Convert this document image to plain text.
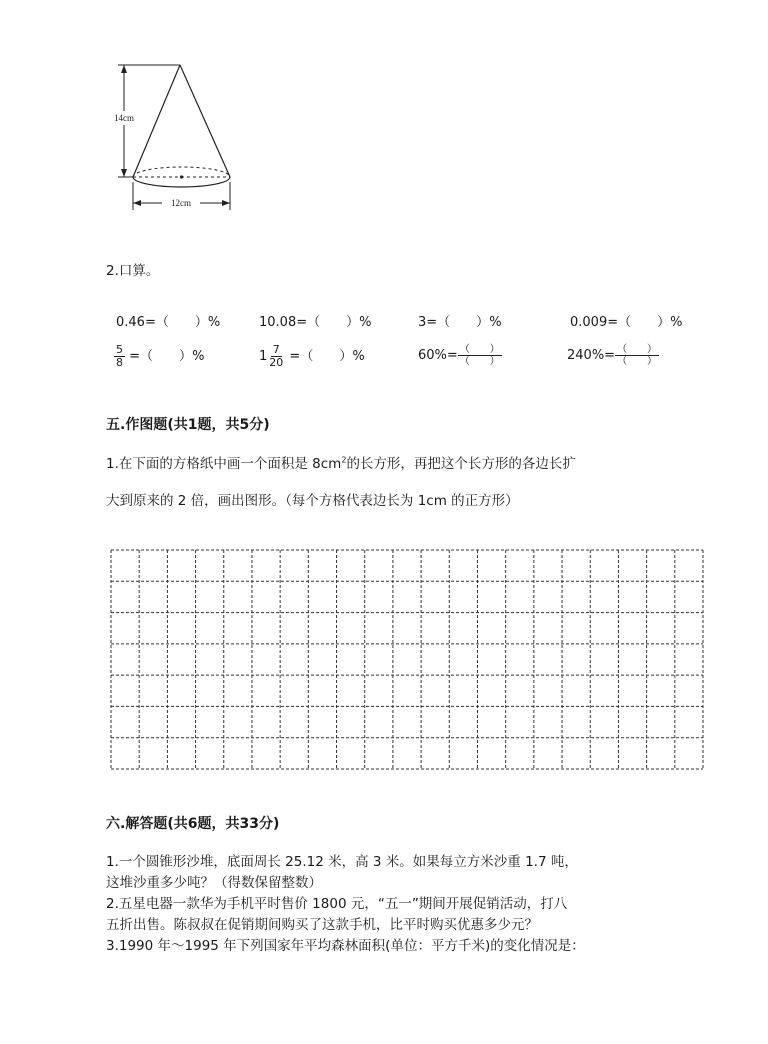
12cm
14cm
2.口算。
0.46=（　　）%	10.08=（　　）%	3=（　　）%	0.009=（　　）%
$\frac{5}{8}$ =（　　）%	$1 \frac{7}{20}$ =（　　）%	$60\%= \frac{( )}{( )}$	$240\%= \frac{( )}{( )}$
五.作图题(共1题，共5分)
1.在下面的方格纸中画一个面积是 $8cm^2$的长方形，再把这个长方形的各边长扩
大到原来的 2 倍，画出图形。（每个方格代表边长为 1cm 的正方形）
六.解答题(共6题，共33分)
1.一个圆锥形沙堆，底面周长 25.12 米，高 3 米。如果每立方米沙重 1.7 吨，
这堆沙重多少吨？（得数保留整数）
2.五星电器一款华为手机平时售价 1800 元，“五一”期间开展促销活动，打八
五折出售。陈叔叔在促销期间购买了这款手机，比平时购买优惠多少元？
3.1990 年～1995 年下列国家年平均森林面积(单位：平方千米)的变化情况是：
